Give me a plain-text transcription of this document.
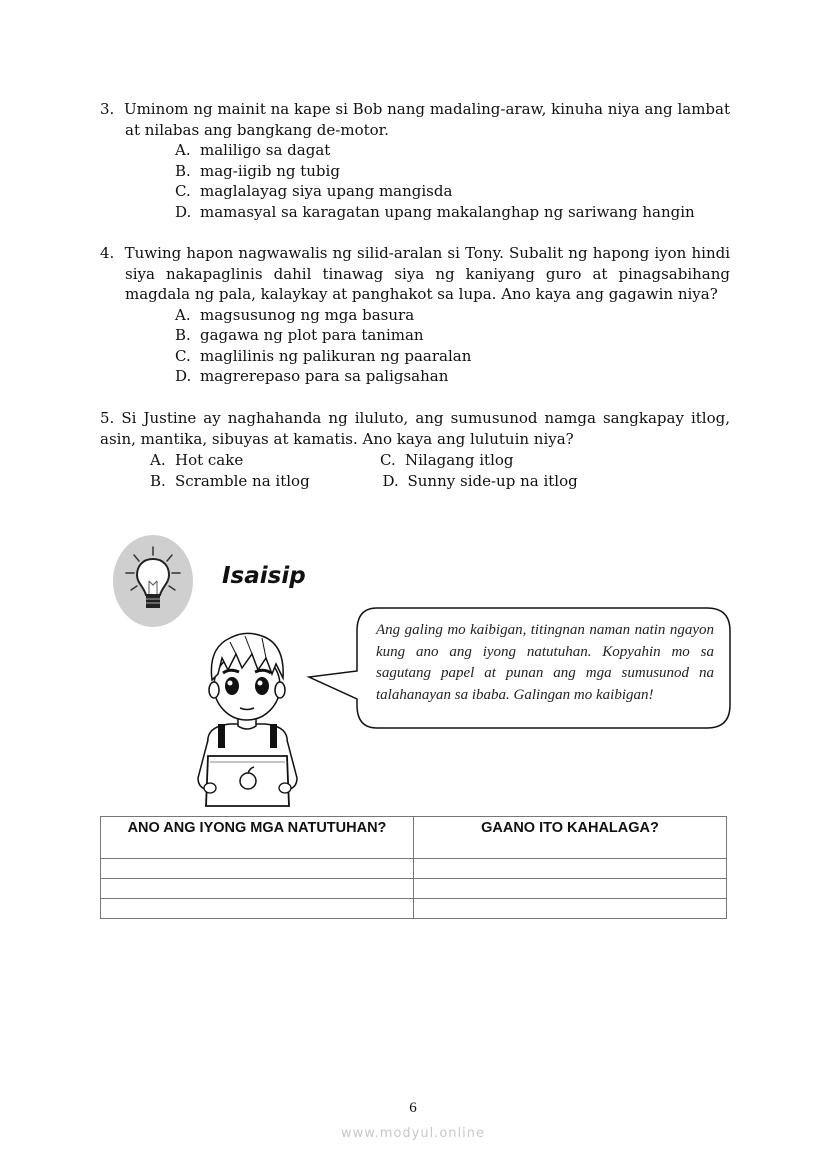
3. Uminom ng mainit na kape si Bob nang madaling-araw, kinuha niya ang lambat at nilabas ang bangkang de-motor.
A. maliligo sa dagat
B. mag-iigib ng tubig
C. maglalayag siya upang mangisda
D. mamasyal sa karagatan upang makalanghap ng sariwang hangin
4. Tuwing hapon nagwawalis ng silid-aralan si Tony. Subalit ng hapong iyon hindi siya nakapaglinis dahil tinawag siya ng kaniyang guro at pinagsabihang magdala ng pala, kalaykay at panghakot sa lupa. Ano kaya ang gagawin niya?
A. magsusunog ng mga basura
B. gagawa ng plot para taniman
C. maglilinis ng palikuran ng paaralan
D. magrerepaso para sa paligsahan
5. Si Justine ay naghahanda ng iluluto, ang sumusunod namga sangkapay itlog, asin, mantika, sibuyas at kamatis. Ano kaya ang lulutuin niya?
A. Hot cake	C. Nilagang itlog
B. Scramble na itlog	D. Sunny side-up na itlog
Isaisip
Ang galing mo kaibigan, titingnan naman natin ngayon kung ano ang iyong natutuhan. Kopyahin mo sa sagutang papel at punan ang mga sumusunod na talahanayan sa ibaba. Galingan mo kaibigan!
ANO ANG IYONG MGA NATUTUHAN?	GAANO ITO KAHALAGA?

6
www.modyul.online
